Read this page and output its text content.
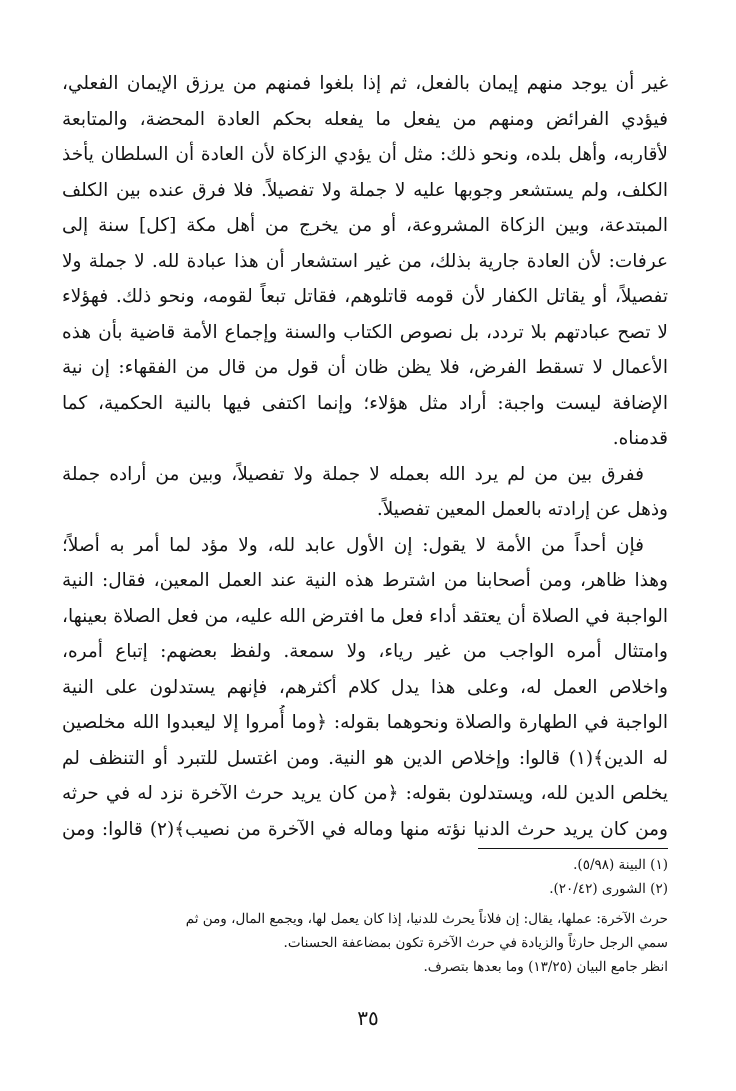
غير أن يوجد منهم إيمان بالفعل، ثم إذا بلغوا فمنهم من يرزق الإيمان الفعلي،
فيؤدي الفرائض ومنهم من يفعل ما يفعله بحكم العادة المحضة، والمتابعة
لأقاربه، وأهل بلده، ونحو ذلك: مثل أن يؤدي الزكاة لأن العادة أن السلطان يأخذ
الكلف، ولم يستشعر وجوبها عليه لا جملة ولا تفصيلاً. فلا فرق عنده بين الكلف
المبتدعة، وبين الزكاة المشروعة، أو من يخرج من أهل مكة [كل] سنة إلى
عرفات: لأن العادة جارية بذلك، من غير استشعار أن هذا عبادة لله. لا جملة ولا
تفصيلاً، أو يقاتل الكفار لأن قومه قاتلوهم، فقاتل تبعاً لقومه، ونحو ذلك. فهؤلاء
لا تصح عبادتهم بلا تردد، بل نصوص الكتاب والسنة وإجماع الأمة قاضية بأن هذه
الأعمال لا تسقط الفرض، فلا يظن ظان أن قول من قال من الفقهاء: إن نية
الإضافة ليست واجبة: أراد مثل هؤلاء؛ وإنما اكتفى فيها بالنية الحكمية، كما
قدمناه.
ففرق بين من لم يرد الله بعمله لا جملة ولا تفصيلاً، وبين من أراده جملة
وذهل عن إرادته بالعمل المعين تفصيلاً.
فإن أحداً من الأمة لا يقول: إن الأول عابد لله، ولا مؤد لما أمر به أصلاً؛
وهذا ظاهر، ومن أصحابنا من اشترط هذه النية عند العمل المعين، فقال: النية
الواجبة في الصلاة أن يعتقد أداء فعل ما افترض الله عليه، من فعل الصلاة بعينها،
وامتثال أمره الواجب من غير رياء، ولا سمعة. ولفظ بعضهم: إتباع أمره،
واخلاص العمل له، وعلى هذا يدل كلام أكثرهم، فإنهم يستدلون على النية
الواجبة في الطهارة والصلاة ونحوهما بقوله: ﴿وما أُمروا إلا ليعبدوا الله مخلصين
له الدين﴾(١) قالوا: وإخلاص الدين هو النية. ومن اغتسل للتبرد أو التنظف لم
يخلص الدين لله، ويستدلون بقوله: ﴿من كان يريد حرث الآخرة نزد له في حرثه
ومن كان يريد حرث الدنيا نؤته منها وماله في الآخرة من نصيب﴾(٢) قالوا: ومن
(١) البينة (٥/٩٨).
(٢) الشورى (٢٠/٤٢).
حرث الآخرة: عملها، يقال: إن فلاناً يحرث للدنيا، إذا كان يعمل لها، ويجمع المال، ومن ثم
سمي الرجل حارثاً والزيادة في حرث الآخرة تكون بمضاعفة الحسنات.
انظر جامع البيان (١٣/٢٥) وما بعدها بتصرف.
٣٥
